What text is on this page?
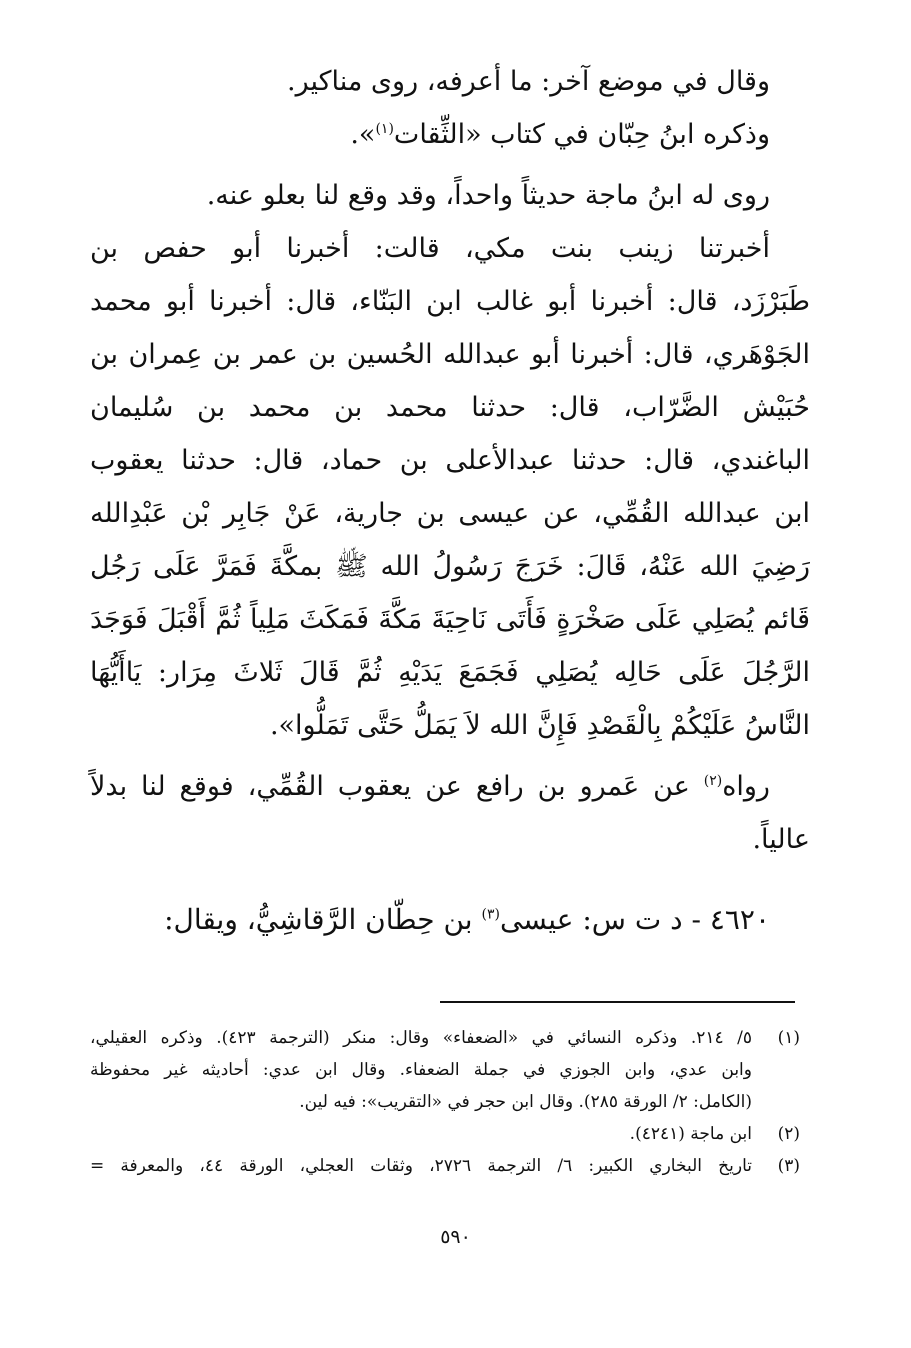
وقال في موضع آخر: ما أعرفه، روى مناكير.

وذكره ابنُ حِبّان في كتاب «الثِّقات$^{(١)}$».

روى له ابنُ ماجة حديثاً واحداً، وقد وقع لنا بعلو عنه.

أخبرتنا زينب بنت مكي، قالت: أخبرنا أبو حفص بن

طَبَرْزَد، قال: أخبرنا أبو غالب ابن البَنّاء، قال: أخبرنا أبو محمد

الجَوْهَري، قال: أخبرنا أبو عبدالله الحُسين بن عمر بن عِمران بن

حُبَيْش الضَّرّاب، قال: حدثنا محمد بن محمد بن سُليمان

الباغندي، قال: حدثنا عبدالأعلى بن حماد، قال: حدثنا يعقوب

ابن عبدالله القُمِّي، عن عيسى بن جارية، عَنْ جَابِر بْن عَبْدِالله

رَضِيَ الله عَنْهُ، قَالَ: خَرَجَ رَسُولُ الله ﷺ بمكَّةَ فَمَرَّ عَلَى رَجُل

قَائم يُصَلِي عَلَى صَخْرَةٍ فَأَتَى نَاحِيَةَ مَكَّةَ فَمَكَثَ مَلِياً ثُمَّ أَقْبَلَ فَوَجَدَ

الرَّجُلَ عَلَى حَالِه يُصَلِي فَجَمَعَ يَدَيْهِ ثُمَّ قَالَ ثَلاثَ مِرَار: يَاأَيُّهَا

النَّاسُ عَلَيْكُمْ بِالْقَصْدِ فَإِنَّ الله لاَ يَمَلُّ حَتَّى تَمَلُّوا».

رواه$^{(٢)}$ عن عَمرو بن رافع عن يعقوب القُمِّي، فوقع لنا بدلاً

عالياً.

٤٦٢٠ - د ت س: عيسى$^{(٣)}$ بن حِطّان الرَّقاشِيُّ، ويقال:
(١)
٥/ ٢١٤. وذكره النسائي في «الضعفاء» وقال: منكر (الترجمة ٤٢٣). وذكره العقيلي،
وابن عدي، وابن الجوزي في جملة الضعفاء. وقال ابن عدي: أحاديثه غير محفوظة
(الكامل: ٢/ الورقة ٢٨٥). وقال ابن حجر في «التقريب»: فيه لين.
(٢)
ابن ماجة (٤٢٤١).
(٣)
تاريخ البخاري الكبير: ٦/ الترجمة ٢٧٢٦، وثقات العجلي، الورقة ٤٤، والمعرفة =
٥٩٠
